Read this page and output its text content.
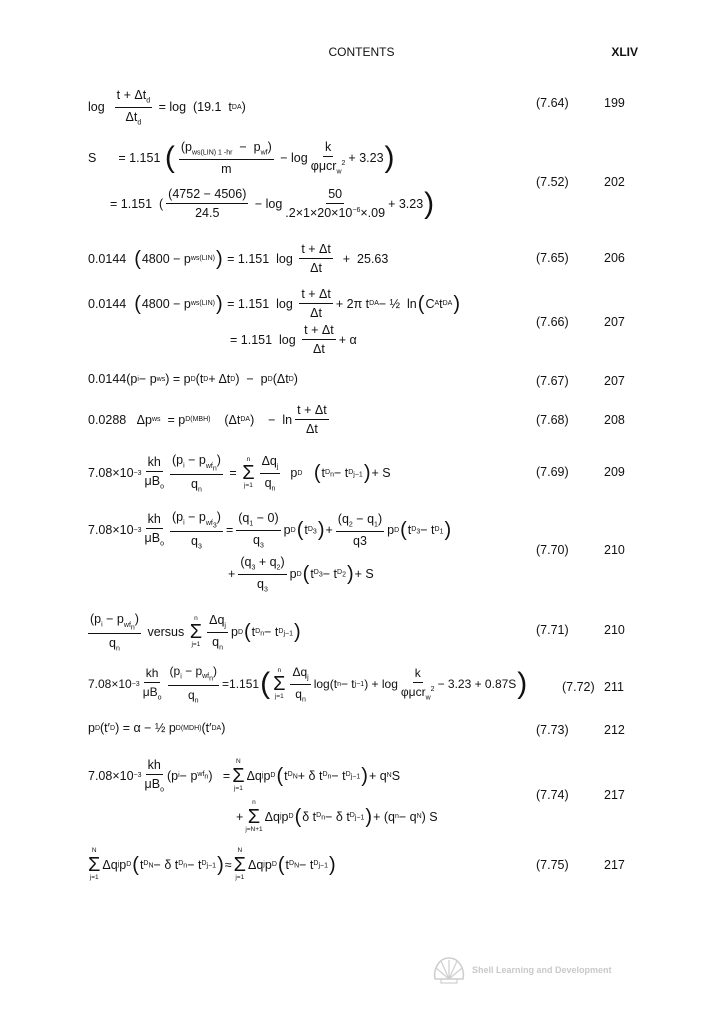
CONTENTS	XLIV
$\log \frac{t + \Delta t_d}{\Delta t_d} = \log (19.1$  t DA )	(7.64)	199
S = 1.151 ( $\frac{(p_{ws(LIN) 1 -hr} - p_{wf})}{m} - \log \frac{k}{\varphi\mu cr_w^2} + 3.23$ )
= 1.151  ( $\frac{(4752 - 4506)}{24.5} - \log \frac{50}{.2\times 1\times 20\times 10^{-6}\times.09} + 3.23$ )
(7.52)	202
0.0144 ( 4800 − p ws(LIN) ) = 1.151  $\log \frac{t + \Delta t}{\Delta t} + 25.63$	(7.65)	206
0.0144 ( 4800 − p ws(LIN) ) = 1.151  $\log \frac{t + \Delta t}{\Delta t} + 2\pi$ t DA − ½  ln ( C A t DA )
= 1.151  $\log \frac{t + \Delta t}{\Delta t} + \alpha$
(7.66)	207
0.0144(p i − p ws ) = p D (t D + Δt D )  −  p D (Δt D )	(7.67)	207
0.0288   Δp ws = p D(MBH) (Δt DA )    −  $\ln \frac{t + \Delta t}{\Delta t}$	(7.68)	208
$7.08\times 10 -3 \frac{kh}{\mu B_o} \frac{(p_i - p_{wf_n})}{q_n}$ =
n
Σ
$j=1 \frac{\Delta q_j}{q_n}$ p D
( t $D_n - t$ $D_{j-1}$ ) + S	(7.69)	209
$7.08\times 10 -3 \frac{kh}{\mu B_o} \frac{(p_i - p_{wf_3})}{q_3} = \frac{(q_1 - 0)}{q_3}$ p D ( t $D_3$ ) + $\frac{(q_2 - q_1)}{q3}$ p D ( t $D_3 - t$ $D_1$ )
+ $\frac{(q_3 + q_2)}{q_3}$ p D ( t $D_3 - t$ $D_2$ ) + S
(7.70)	210
$\frac{(p_i - p_{wf_n})}{q_n}$ versus
n
Σ
$j=1 \frac{\Delta q_j}{q_n}$ p D ( t $D_n - t$ $D_{j-1}$ )	(7.71)	210
$7.08\times 10 -3 \frac{kh}{\mu B_o} \frac{(p_i - p_{wf_n})}{q_n} =1.151$ ( n
Σ
$j=1 \frac{\Delta q_j}{q_n} \log(t$ n − t j−1 ) + $\log \frac{k}{\varphi\mu cr_w^2} - 3.23 + 0.87S$ )	(7.72) 211
p D (t′ D ) = α − ½ p D(MDH) (t′ DA )	(7.73)	212
$7.08\times 10 -3 \frac{kh}{\mu B_o} (p$ i − p $wf_n$ )   =
N
Σ
j=1
Δq j p D ( t $D_N + \delta$ t $D_n - t$ $D_{j-1}$ ) + q N S
+
n
Σ
j=N+1
Δq j p D ( δ t $D_n - \delta$ t $D_{j-1}$ ) + (q n − q N ) S
(7.74)	217
N
Σ
j=1
Δq j p D ( t $D_N - \delta$ t $D_n - t$ $D_{j-1}$ ) ≈
N
Σ
j=1
Δq j p D ( t $D_N - t$ $D_{j-1}$ )	(7.75)	217
Shell Learning and Development
